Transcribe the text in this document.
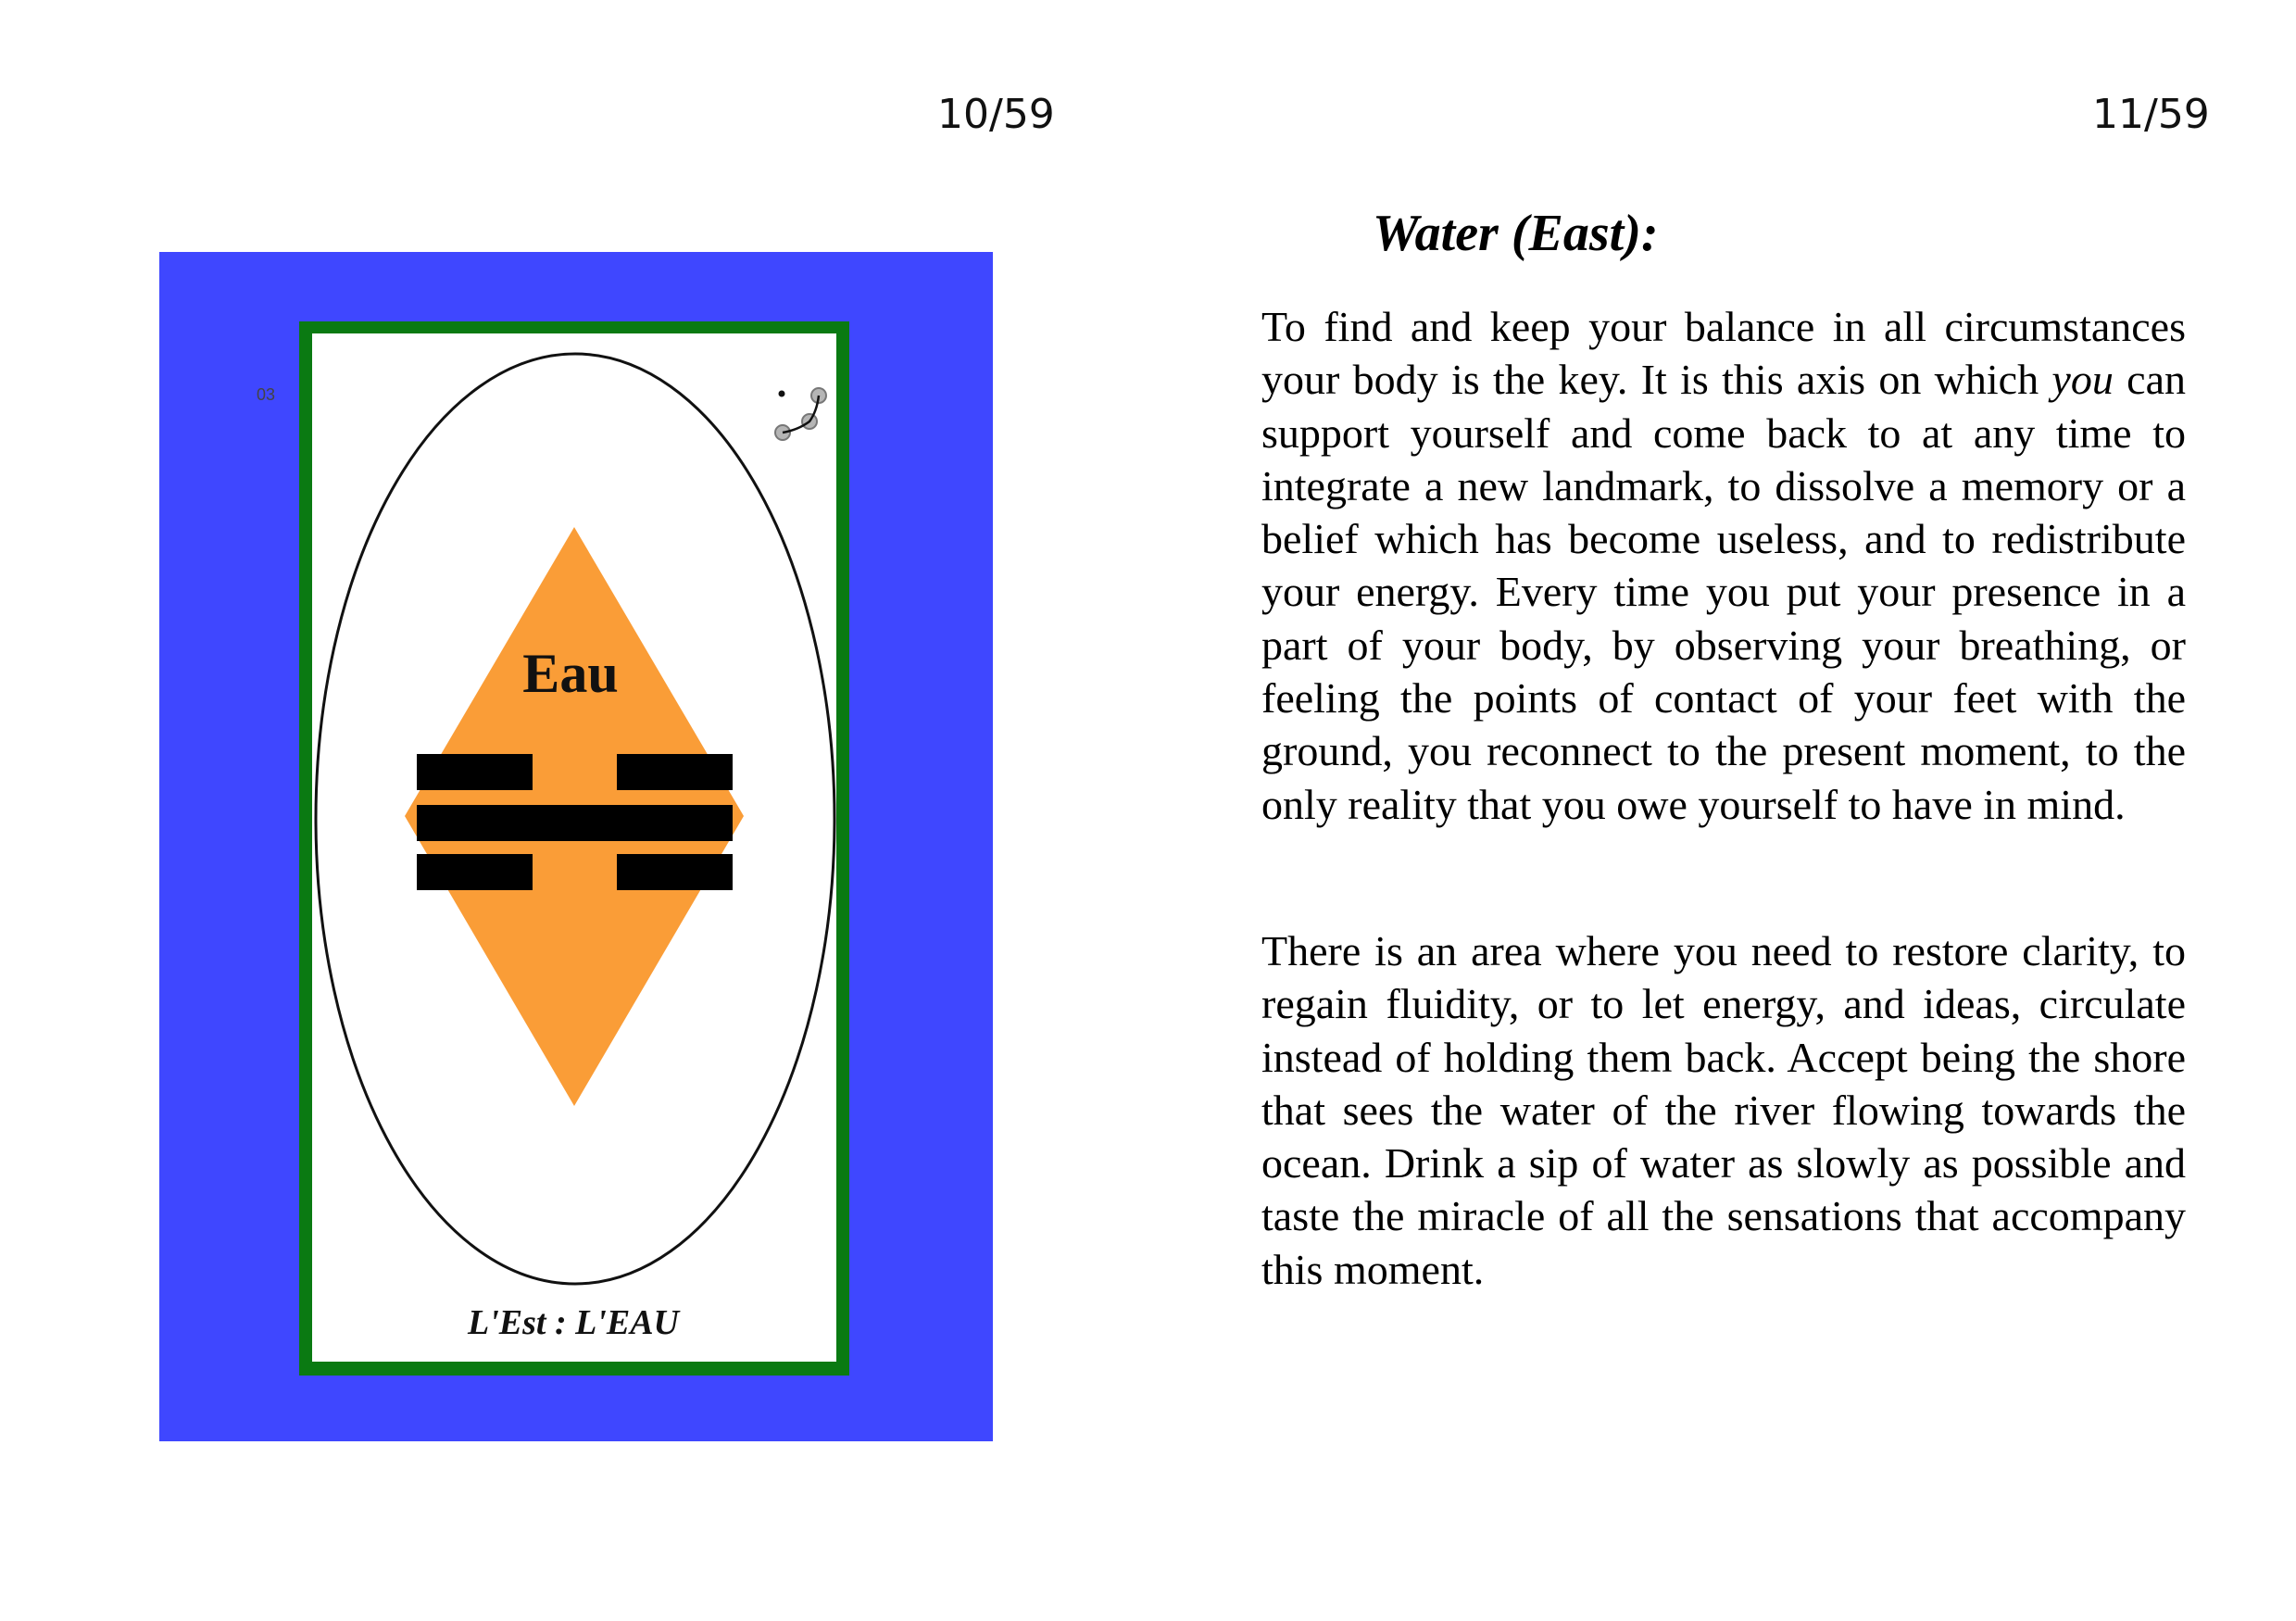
10/59	11/59
03
Eau
L'Est : L'EAU
Water (East):

To find and keep your balance in all circumstances your body is the key. It is this axis on which you can support yourself and come back to at any time to integrate a new landmark, to dissolve a memory or a belief which has become useless, and to redistribute your energy. Every time you put your presence in a part of your body, by observing your breathing, or feeling the points of contact of your feet with the ground, you reconnect to the present moment, to the only reality that you owe yourself to have in mind.

There is an area where you need to restore clarity, to regain fluidity, or to let energy, and ideas, circulate instead of holding them back. Accept being the shore that sees the water of the river flowing towards the ocean. Drink a sip of water as slowly as possible and taste the miracle of all the sensations that accompany this moment.
